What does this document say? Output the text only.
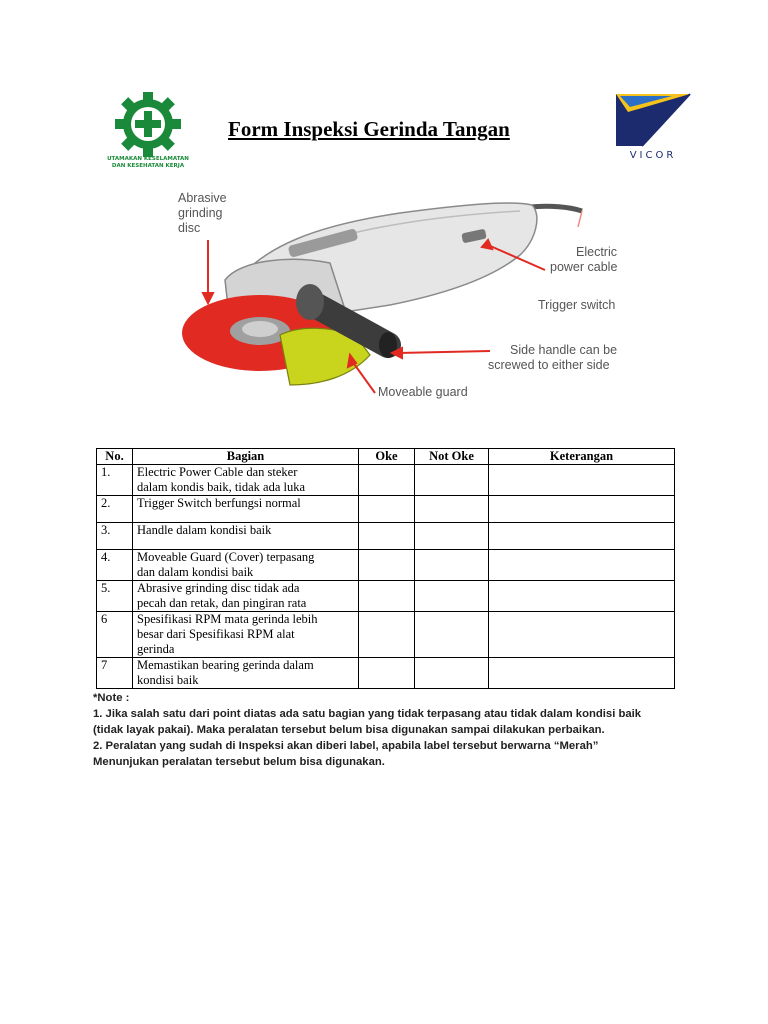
UTAMAKAN KESELAMATAN
DAN KESEHATAN KERJA
Form Inspeksi Gerinda Tangan
VICOR
Abrasive
grinding
disc
Electric
power cable
Trigger switch
Side handle can be
screwed to either side
Moveable guard
No.	Bagian	Oke	Not Oke	Keterangan
1.	Electric Power Cable dan steker
dalam kondis baik, tidak ada luka			

2.	Trigger Switch berfungsi normal			

3.	Handle dalam kondisi baik			

4.	Moveable Guard (Cover) terpasang
dan dalam kondisi baik			

5.	Abrasive grinding disc tidak ada
pecah dan retak, dan pingiran rata			

6	Spesifikasi RPM mata gerinda lebih
besar dari Spesifikasi RPM alat
gerinda			

7	Memastikan bearing gerinda dalam
kondisi baik			

*Note :
1. Jika salah satu dari point diatas ada satu bagian yang tidak terpasang atau tidak dalam kondisi baik
(tidak layak pakai). Maka peralatan tersebut belum bisa digunakan sampai dilakukan perbaikan.
2. Peralatan yang sudah di Inspeksi akan diberi label, apabila label tersebut berwarna “Merah”
Menunjukan peralatan tersebut belum bisa digunakan.
